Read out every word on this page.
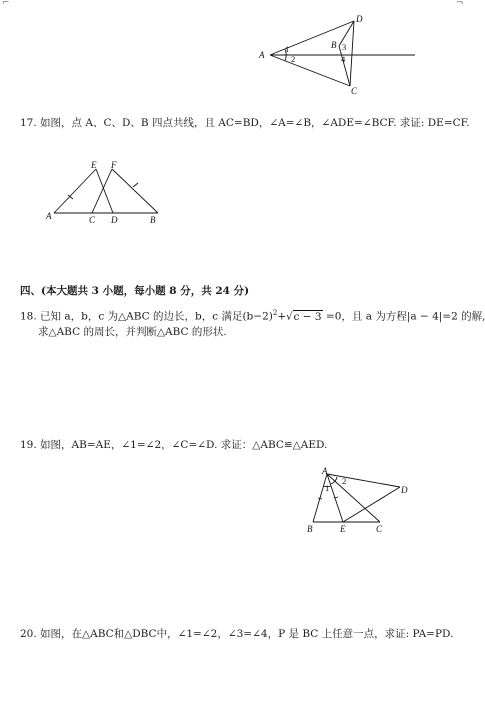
⌐	¬
A
D
B
C
1
2
3
4
17. 如图，点 A、C、D、B 四点共线，且 AC=BD，∠A=∠B，∠ADE=∠BCF. 求证: DE=CF.
A
E F
C D	B
四、(本大题共 3 小题，每小题 8 分，共 24 分)
18. 已知 a，b，c 为△ABC 的边长，b，c 满足$(b-2)^2+√c - 3 =0$，且 a 为方程|a − 4|=2 的解,
求△ABC 的周长，并判断△ABC 的形状.
19. 如图，AB=AE，∠1=∠2，∠C=∠D. 求证：△ABC≌△AED.
A
1
2
D
B	E	C
20. 如图，在△ABC和△DBC中，∠1=∠2，∠3=∠4，P 是 BC 上任意一点，求证: PA=PD.
